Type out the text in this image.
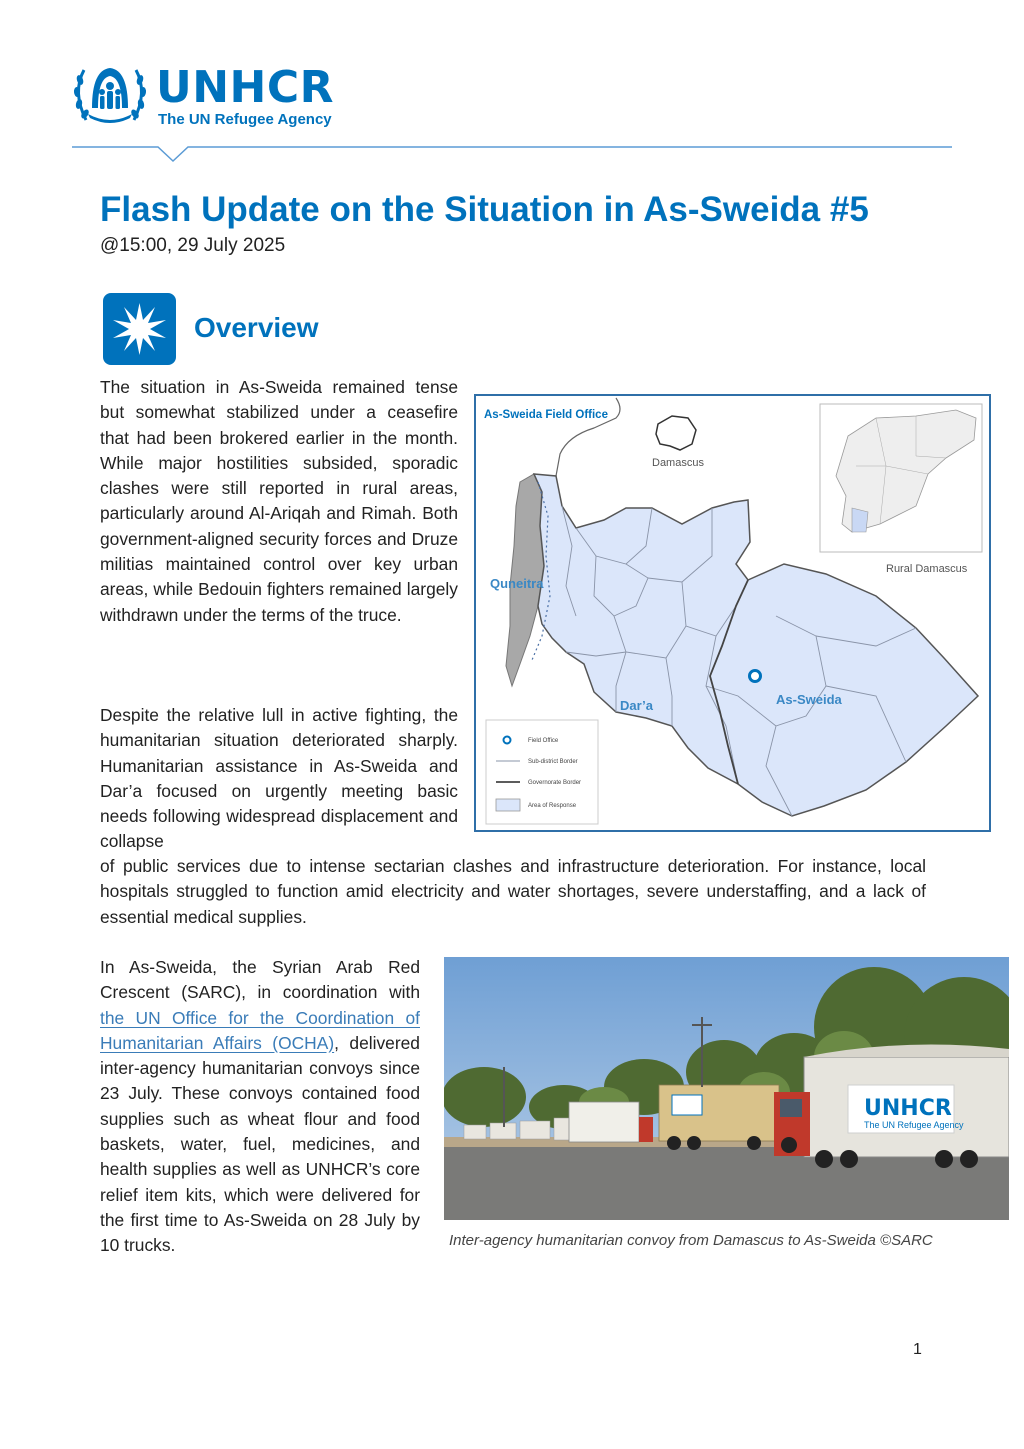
UNHCR
The UN Refugee Agency
Flash Update on the Situation in As-Sweida #5
@15:00, 29 July 2025
Overview
The situation in As-Sweida remained tense but somewhat stabilized under a ceasefire that had been brokered earlier in the month. While major hostilities subsided, sporadic clashes were still reported in rural areas, particularly around Al-Ariqah and Rimah. Both government-aligned security forces and Druze militias maintained control over key urban areas, while Bedouin fighters remained largely withdrawn under the terms of the truce.
Despite the relative lull in active fighting, the humanitarian situation deteriorated sharply. Humanitarian assistance in As-Sweida and Dar’a focused on urgently meeting basic needs following widespread displacement and collapse
of public services due to intense sectarian clashes and infrastructure deterioration. For instance, local hospitals struggled to function amid electricity and water shortages, severe understaffing, and a lack of essential medical supplies.
In As-Sweida, the Syrian Arab Red Crescent (SARC), in coordination with the UN Office for the Coordination of Humanitarian Affairs (OCHA), delivered inter-agency humanitarian convoys since 23 July. These convoys contained food supplies such as wheat flour and food baskets, water, fuel, medicines, and health supplies as well as UNHCR’s core relief item kits, which were delivered for the first time to As-Sweida on 28 July by 10 trucks.
As-Sweida Field Office
Damascus
Rural Damascus
Quneitra
Dar’a	As-Sweida
Field Office
Sub-district Border
Governorate Border
Area of Response
UNHCR
The UN Refugee Agency
Inter-agency humanitarian convoy from Damascus to As-Sweida ©SARC
1
